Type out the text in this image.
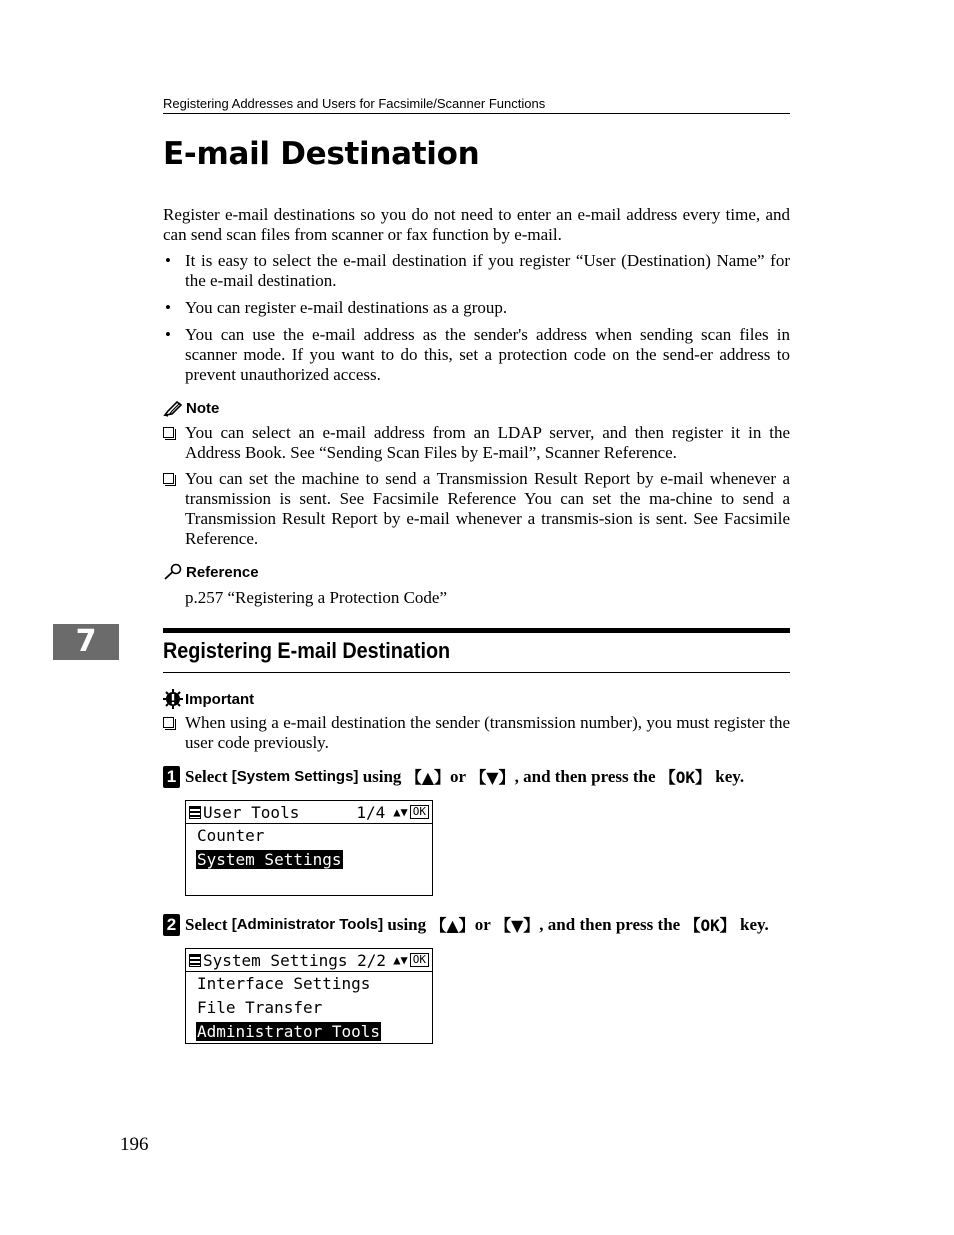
Registering Addresses and Users for Facsimile/Scanner Functions
E-mail Destination
Register e-mail destinations so you do not need to enter an e-mail address every time, and can send scan files from scanner or fax function by e-mail.
• It is easy to select the e-mail destination if you register “User (Destination) Name” for the e-mail destination.
• You can register e-mail destinations as a group.
• You can use the e-mail address as the sender's address when sending scan files in scanner mode. If you want to do this, set a protection code on the send-er address to prevent unauthorized access.
Note
You can select an e-mail address from an LDAP server, and then register it in the Address Book. See “Sending Scan Files by E-mail”, Scanner Reference.
You can set the machine to send a Transmission Result Report by e-mail whenever a transmission is sent. See Facsimile Reference You can set the ma-chine to send a Transmission Result Report by e-mail whenever a transmis-sion is sent. See Facsimile Reference.
Reference
p.257 “Registering a Protection Code”
7	Registering E-mail Destination
Important
When using a e-mail destination the sender (transmission number), you must register the user code previously.
1 Select
[System Settings]
using
【▲】 or
【▼】 , and then press the
【OK】
key.
User Tools	1/4 ▲▼ OK
Counter
System Settings
2 Select
[Administrator Tools]
using
【▲】 or
【▼】 , and then press the
【OK】
key.
System Settings 2/2 ▲▼ OK
Interface Settings
File Transfer
Administrator Tools
196
